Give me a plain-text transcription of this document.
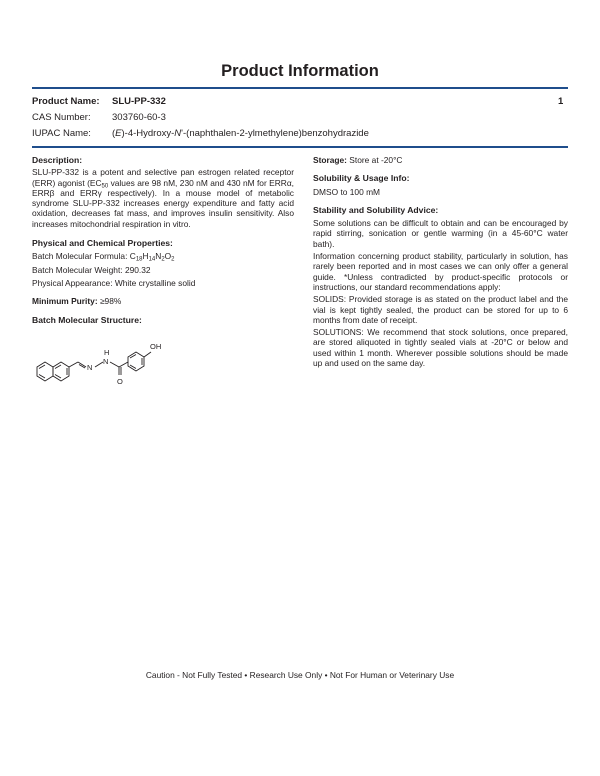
Product Information
Product Name: SLU-PP-332	1
CAS Number: 303760-60-3
IUPAC Name: (E)-4-Hydroxy-N'-(naphthalen-2-ylmethylene)benzohydrazide

Description:

SLU-PP-332 is a potent and selective pan estrogen related receptor (ERR) agonist ($EC_{50}$ values are 98 nM, 230 nM and 430 nM for ERRα, ERRβ and ERRγ respectively). In a mouse model of metabolic syndrome SLU-PP-332 increases energy expenditure and fatty acid oxidation, decreases fat mass, and improves insulin sensitivity. Also increases mitochondrial respiration in vitro.

Physical and Chemical Properties:

Batch Molecular Formula: $C_{18}H_{14}N_2O_2$

Batch Molecular Weight: 290.32

Physical Appearance: White crystalline solid

Minimum Purity: ≥98%

Batch Molecular Structure:

N
N
H
O
OH

Storage: Store at -20°C

Solubility & Usage Info:

DMSO to 100 mM

Stability and Solubility Advice:

Some solutions can be difficult to obtain and can be encouraged by rapid stirring, sonication or gentle warming (in a 45-60°C water bath).

Information concerning product stability, particularly in solution, has rarely been reported and in most cases we can only offer a general guide. *Unless contradicted by product-specific protocols or instructions, our standard recommendations apply:

SOLIDS: Provided storage is as stated on the product label and the vial is kept tightly sealed, the product can be stored for up to 6 months from date of receipt.

SOLUTIONS: We recommend that stock solutions, once prepared, are stored aliquoted in tightly sealed vials at -20°C or below and used within 1 month. Wherever possible solutions should be made up and used on the same day.

Caution - Not Fully Tested • Research Use Only • Not For Human or Veterinary Use
